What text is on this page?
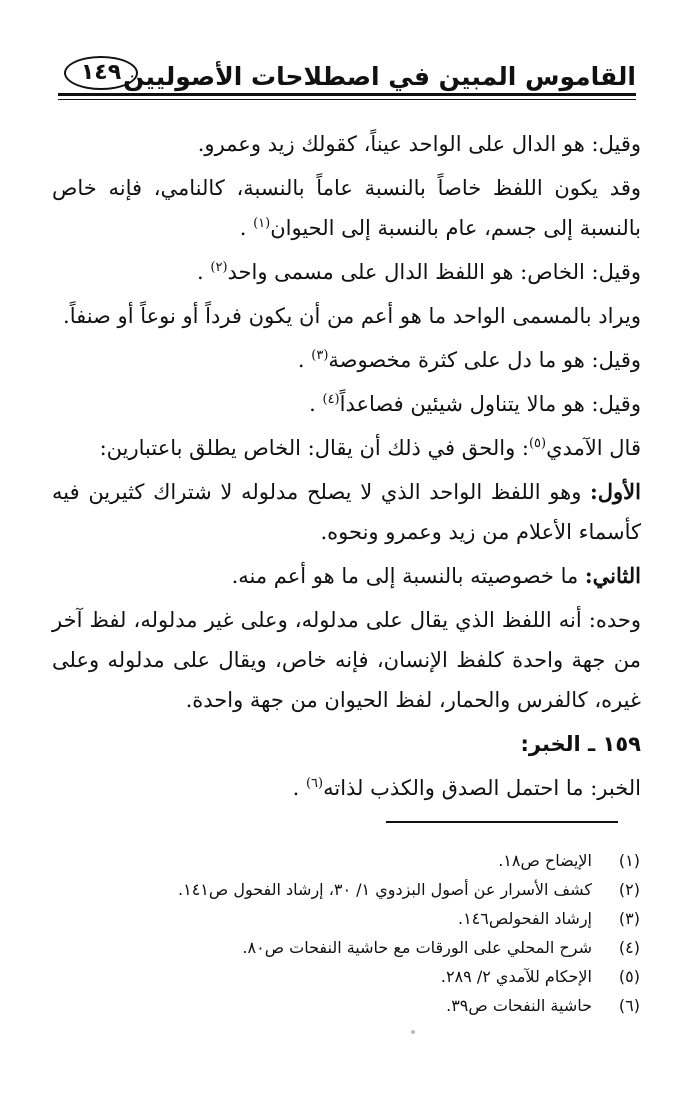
القاموس المبين في اصطلاحات الأصوليين
١٤٩

وقيل: هو الدال على الواحد عيناً، كقولك زيد وعمرو.

وقد يكون اللفظ خاصاً بالنسبة عاماً بالنسبة، كالنامي، فإنه خاص بالنسبة إلى جسم، عام بالنسبة إلى الحيوان$^{(١)}$ .

وقيل: الخاص: هو اللفظ الدال على مسمى واحد$^{(٢)}$ .

ويراد بالمسمى الواحد ما هو أعم من أن يكون فرداً أو نوعاً أو صنفاً.

وقيل: هو ما دل على كثرة مخصوصة$^{(٣)}$ .

وقيل: هو مالا يتناول شيئين فصاعداً$^{(٤)}$ .

قال الآمدي$^{(٥)}$: والحق في ذلك أن يقال: الخاص يطلق باعتبارين:

الأول: وهو اللفظ الواحد الذي لا يصلح مدلوله لا شتراك كثيرين فيه كأسماء الأعلام من زيد وعمرو ونحوه.

الثاني: ما خصوصيته بالنسبة إلى ما هو أعم منه.

وحده: أنه اللفظ الذي يقال على مدلوله، وعلى غير مدلوله، لفظ آخر من جهة واحدة كلفظ الإنسان، فإنه خاص، ويقال على مدلوله وعلى غيره، كالفرس والحمار، لفظ الحيوان من جهة واحدة.

١٥٩ ـ الخبر:

الخبر: ما احتمل الصدق والكذب لذاته$^{(٦)}$ .

(١)
الإيضاح ص١٨.
(٢)
كشف الأسرار عن أصول البزدوي ١/ ٣٠، إرشاد الفحول ص١٤١.
(٣)
إرشاد الفحولص١٤٦.
(٤)
شرح المحلي على الورقات مع حاشية النفحات ص٨٠.
(٥)
الإحكام للآمدي ٢/ ٢٨٩.
(٦)
حاشية النفحات ص٣٩.
